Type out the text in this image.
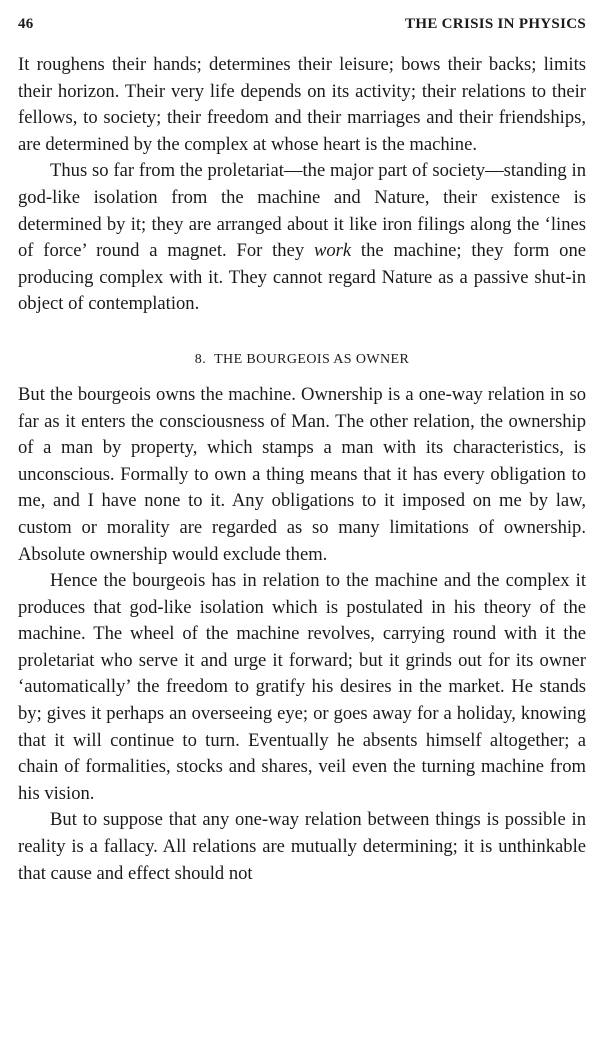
46	THE CRISIS IN PHYSICS

It roughens their hands; determines their leisure; bows their backs; limits their horizon. Their very life depends on its activity; their relations to their fellows, to society; their freedom and their marriages and their friendships, are determined by the complex at whose heart is the machine.

Thus so far from the proletariat—the major part of society—standing in god-like isolation from the machine and Nature, their existence is determined by it; they are arranged about it like iron filings along the ‘lines of force’ round a magnet. For they work the machine; they form one producing complex with it. They cannot regard Nature as a passive shut-in object of contemplation.

8. THE BOURGEOIS AS OWNER

But the bourgeois owns the machine. Ownership is a one-way relation in so far as it enters the consciousness of Man. The other relation, the ownership of a man by property, which stamps a man with its characteristics, is unconscious. Formally to own a thing means that it has every obligation to me, and I have none to it. Any obligations to it imposed on me by law, custom or morality are regarded as so many limitations of ownership. Absolute ownership would exclude them.

Hence the bourgeois has in relation to the machine and the complex it produces that god-like isolation which is postulated in his theory of the machine. The wheel of the machine revolves, carrying round with it the proletariat who serve it and urge it forward; but it grinds out for its owner ‘automatically’ the freedom to gratify his desires in the market. He stands by; gives it perhaps an overseeing eye; or goes away for a holiday, knowing that it will continue to turn. Eventually he absents himself altogether; a chain of formalities, stocks and shares, veil even the turning machine from his vision.

But to suppose that any one-way relation between things is possible in reality is a fallacy. All relations are mutually determining; it is unthinkable that cause and effect should not
